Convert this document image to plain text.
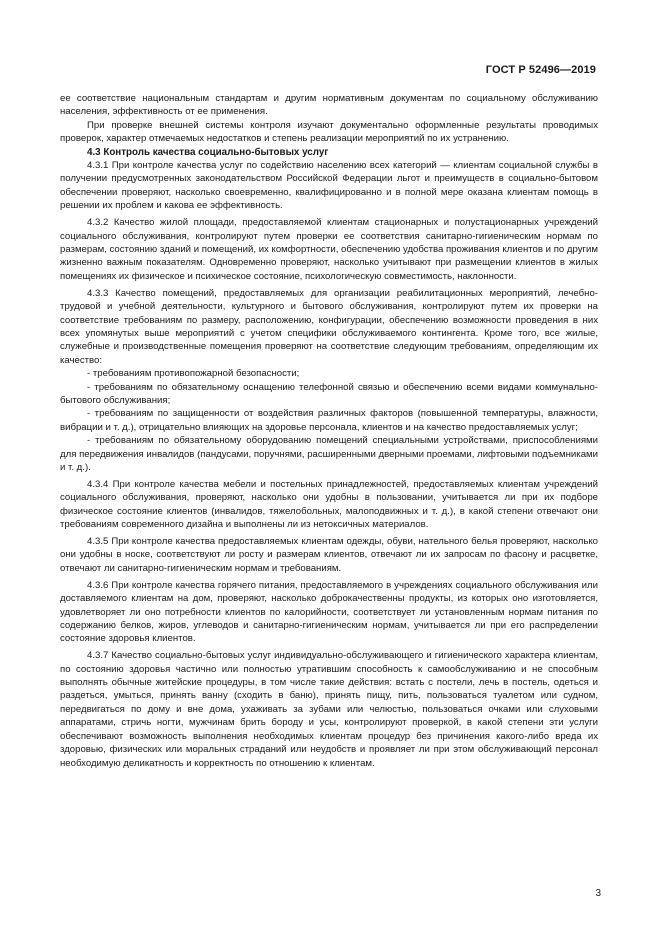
ГОСТ Р 52496—2019

ее соответствие национальным стандартам и другим нормативным документам по социальному обслуживанию населения, эффективность от ее применения.

При проверке внешней системы контроля изучают документально оформленные результаты проводимых проверок, характер отмечаемых недостатков и степень реализации мероприятий по их устранению.

4.3 Контроль качества социально-бытовых услуг

4.3.1 При контроле качества услуг по содействию населению всех категорий — клиентам социальной службы в получении предусмотренных законодательством Российской Федерации льгот и преимуществ в социально-бытовом обеспечении проверяют, насколько своевременно, квалифицированно и в полной мере оказана клиентам помощь в решении их проблем и какова ее эффективность.

4.3.2 Качество жилой площади, предоставляемой клиентам стационарных и полустационарных учреждений социального обслуживания, контролируют путем проверки ее соответствия санитарно-гигиеническим нормам по размерам, состоянию зданий и помещений, их комфортности, обеспечению удобства проживания клиентов и по другим жизненно важным показателям. Одновременно проверяют, насколько учитывают при размещении клиентов в жилых помещениях их физическое и психическое состояние, психологическую совместимость, наклонности.

4.3.3 Качество помещений, предоставляемых для организации реабилитационных мероприятий, лечебно-трудовой и учебной деятельности, культурного и бытового обслуживания, контролируют путем их проверки на соответствие требованиям по размеру, расположению, конфигурации, обеспечению возможности проведения в них всех упомянутых выше мероприятий с учетом специфики обслуживаемого контингента. Кроме того, все жилые, служебные и производственные помещения проверяют на соответствие следующим требованиям, определяющим их качество:

- требованиям противопожарной безопасности;

- требованиям по обязательному оснащению телефонной связью и обеспечению всеми видами коммунально-бытового обслуживания;

- требованиям по защищенности от воздействия различных факторов (повышенной температуры, влажности, вибрации и т. д.), отрицательно влияющих на здоровье персонала, клиентов и на качество предоставляемых услуг;

- требованиям по обязательному оборудованию помещений специальными устройствами, приспособлениями для передвижения инвалидов (пандусами, поручнями, расширенными дверными проемами, лифтовыми подъемниками и т. д.).

4.3.4 При контроле качества мебели и постельных принадлежностей, предоставляемых клиентам учреждений социального обслуживания, проверяют, насколько они удобны в пользовании, учитывается ли при их подборе физическое состояние клиентов (инвалидов, тяжелобольных, малоподвижных и т. д.), в какой степени отвечают они требованиям современного дизайна и выполнены ли из нетоксичных материалов.

4.3.5 При контроле качества предоставляемых клиентам одежды, обуви, нательного белья проверяют, насколько они удобны в носке, соответствуют ли росту и размерам клиентов, отвечают ли их запросам по фасону и расцветке, отвечают ли санитарно-гигиеническим нормам и требованиям.

4.3.6 При контроле качества горячего питания, предоставляемого в учреждениях социального обслуживания или доставляемого клиентам на дом, проверяют, насколько доброкачественны продукты, из которых оно изготовляется, удовлетворяет ли оно потребности клиентов по калорийности, соответствует ли установленным нормам питания по содержанию белков, жиров, углеводов и санитарно-гигиеническим нормам, учитывается ли при его распределении состояние здоровья клиентов.

4.3.7 Качество социально-бытовых услуг индивидуально-обслуживающего и гигиенического характера клиентам, по состоянию здоровья частично или полностью утратившим способность к самообслуживанию и не способным выполнять обычные житейские процедуры, в том числе такие действия: встать с постели, лечь в постель, одеться и раздеться, умыться, принять ванну (сходить в баню), принять пищу, пить, пользоваться туалетом или судном, передвигаться по дому и вне дома, ухаживать за зубами или челюстью, пользоваться очками или слуховыми аппаратами, стричь ногти, мужчинам брить бороду и усы, контролируют проверкой, в какой степени эти услуги обеспечивают возможность выполнения необходимых клиентам процедур без причинения какого-либо вреда их здоровью, физических или моральных страданий или неудобств и проявляет ли при этом обслуживающий персонал необходимую деликатность и корректность по отношению к клиентам.

3
